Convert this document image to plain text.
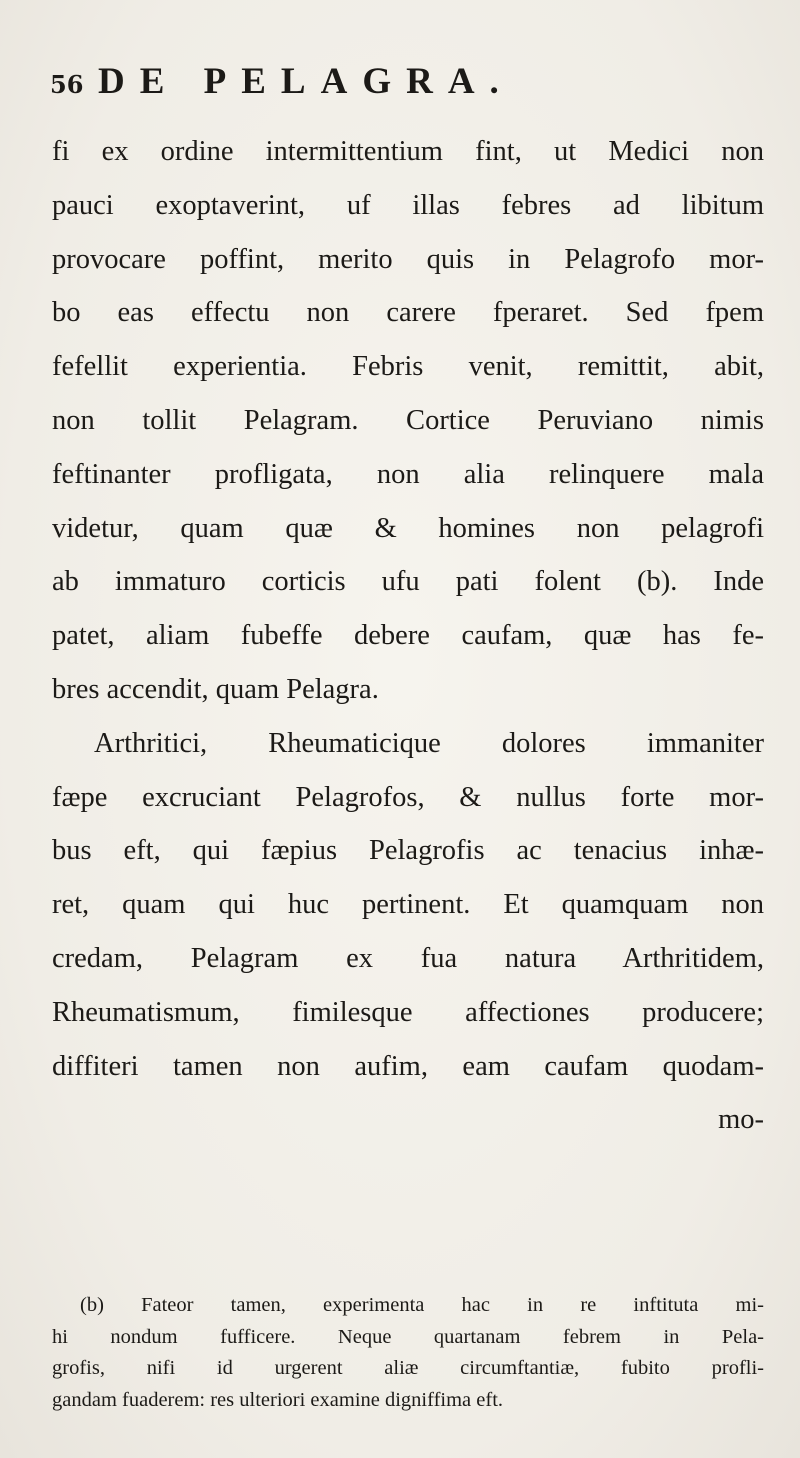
56 DE PELAGRA.
fi ex ordine intermittentium fint, ut Medici non
pauci exoptaverint, uf illas febres ad libitum
provocare poffint, merito quis in Pelagrofo mor-
bo eas effectu non carere fperaret. Sed fpem
fefellit experientia. Febris venit, remittit, abit,
non tollit Pelagram. Cortice Peruviano nimis
feftinanter profligata, non alia relinquere mala
videtur, quam quæ & homines non pelagrofi
ab immaturo corticis ufu pati folent (b). Inde
patet, aliam fubeffe debere caufam, quæ has fe-
bres accendit, quam Pelagra.
Arthritici, Rheumaticique dolores immaniter
fæpe excruciant Pelagrofos, & nullus forte mor-
bus eft, qui fæpius Pelagrofis ac tenacius inhæ-
ret, quam qui huc pertinent. Et quamquam non
credam, Pelagram ex fua natura Arthritidem,
Rheumatismum, fimilesque affectiones producere;
diffiteri tamen non aufim, eam caufam quodam-
mo-
(b) Fateor tamen, experimenta hac in re inftituta mi-
hi nondum fufficere. Neque quartanam febrem in Pela-
grofis, nifi id urgerent aliæ circumftantiæ, fubito profli-
gandam fuaderem: res ulteriori examine digniffima eft.
